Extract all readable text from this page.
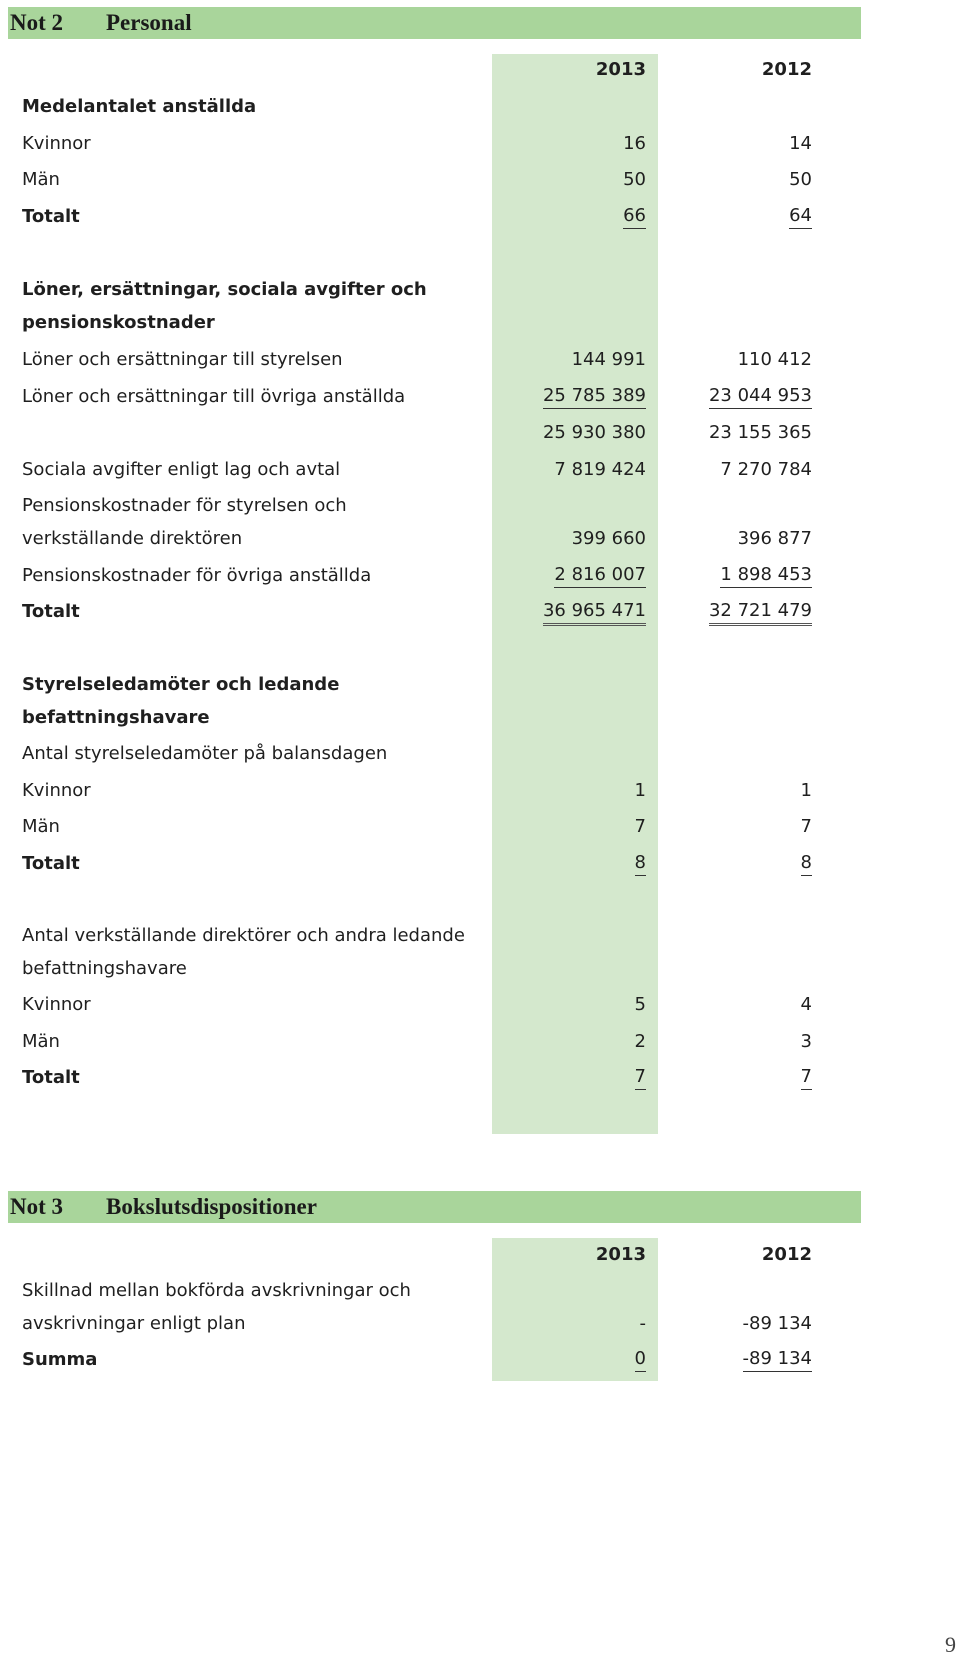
Not 2 Personal
2013	2012
Medelantalet anställda
Kvinnor	16	14
Män	50	50
Totalt	66	64
Löner, ersättningar, sociala avgifter och
pensionskostnader
Löner och ersättningar till styrelsen	144 991	110 412
Löner och ersättningar till övriga anställda	25 785 389	23 044 953
25 930 380	23 155 365
Sociala avgifter enligt lag och avtal	7 819 424	7 270 784
Pensionskostnader för styrelsen och
verkställande direktören	399 660	396 877
Pensionskostnader för övriga anställda	2 816 007	1 898 453
Totalt	36 965 471	32 721 479
Styrelseledamöter och ledande
befattningshavare
Antal styrelseledamöter på balansdagen
Kvinnor	1	1
Män	7	7
Totalt	8	8
Antal verkställande direktörer och andra ledande
befattningshavare
Kvinnor	5	4
Män	2	3
Totalt	7	7
Not 3 Bokslutsdispositioner
2013	2012
Skillnad mellan bokförda avskrivningar och
avskrivningar enligt plan	-	-89 134
Summa	0	-89 134
9
